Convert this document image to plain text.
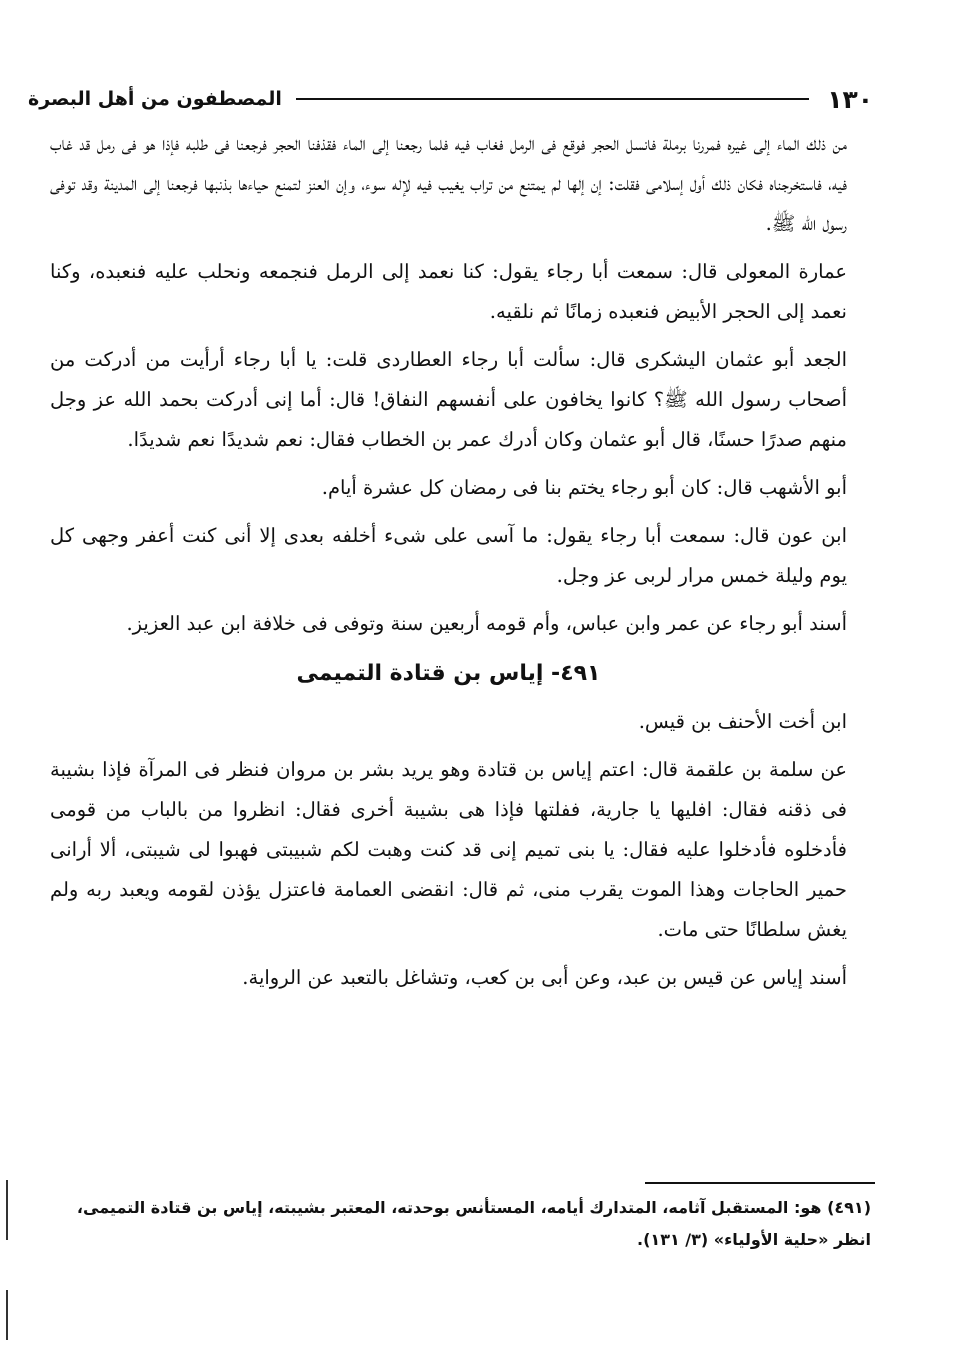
١٣٠
المصطفون من أهل البصرة

من ذلك الماء إلى غيره فمررنا برملة فانسل الحجر فوقع فى الرمل فغاب فيه فلما رجعنا إلى الماء فقذفنا الحجر فرجعنا فى طلبه فإذا هو فى رمل قد غاب فيه، فاستخرجناه فكان ذلك أول إسلامى فقلت: إن إلها لم يمتنع من تراب يغيب فيه لإله سوء، وإن العنز لتمنع حياءها بذنبها فرجعنا إلى المدينة وقد توفى رسول الله ﷺ.

عمارة المعولى قال: سمعت أبا رجاء يقول: كنا نعمد إلى الرمل فنجمعه ونحلب عليه فنعبده، وكنا نعمد إلى الحجر الأبيض فنعبده زمانًا ثم نلقيه.

الجعد أبو عثمان اليشكرى قال: سألت أبا رجاء العطاردى قلت: يا أبا رجاء أرأيت من أدركت من أصحاب رسول الله ﷺ؟ كانوا يخافون على أنفسهم النفاق! قال: أما إنى أدركت بحمد الله عز وجل منهم صدرًا حسنًا، قال أبو عثمان وكان أدرك عمر بن الخطاب فقال: نعم شديدًا نعم شديدًا.

أبو الأشهب قال: كان أبو رجاء يختم بنا فى رمضان كل عشرة أيام.

ابن عون قال: سمعت أبا رجاء يقول: ما آسى على شىء أخلفه بعدى إلا أنى كنت أعفر وجهى كل يوم وليلة خمس مرار لربى عز وجل.

أسند أبو رجاء عن عمر وابن عباس، وأم قومه أربعين سنة وتوفى فى خلافة ابن عبد العزيز.

٤٩١- إياس بن قتادة التميمى

ابن أخت الأحنف بن قيس.

عن سلمة بن علقمة قال: اعتم إياس بن قتادة وهو يريد بشر بن مروان فنظر فى المرآة فإذا بشيبة فى ذقنه فقال: افليها يا جارية، ففلتها فإذا هى بشيبة أخرى فقال: انظروا من بالباب من قومى فأدخلوه فأدخلوا عليه فقال: يا بنى تميم إنى قد كنت وهبت لكم شبيبتى فهبوا لى شيبتى، ألا أرانى حمير الحاجات وهذا الموت يقرب منى، ثم قال: انقضى العمامة فاعتزل يؤذن لقومه ويعبد ربه ولم يغش سلطانًا حتى مات.

أسند إياس عن قيس بن عبد، وعن أبى بن كعب، وتشاغل بالتعبد عن الرواية.

(٤٩١) هو: المستقبل آثامه، المتدارك أيامه، المستأنس بوحدته، المعتبر بشيبته، إياس بن قتادة التميمى،
انظر «حلية الأولياء» (٣/ ١٣١).
